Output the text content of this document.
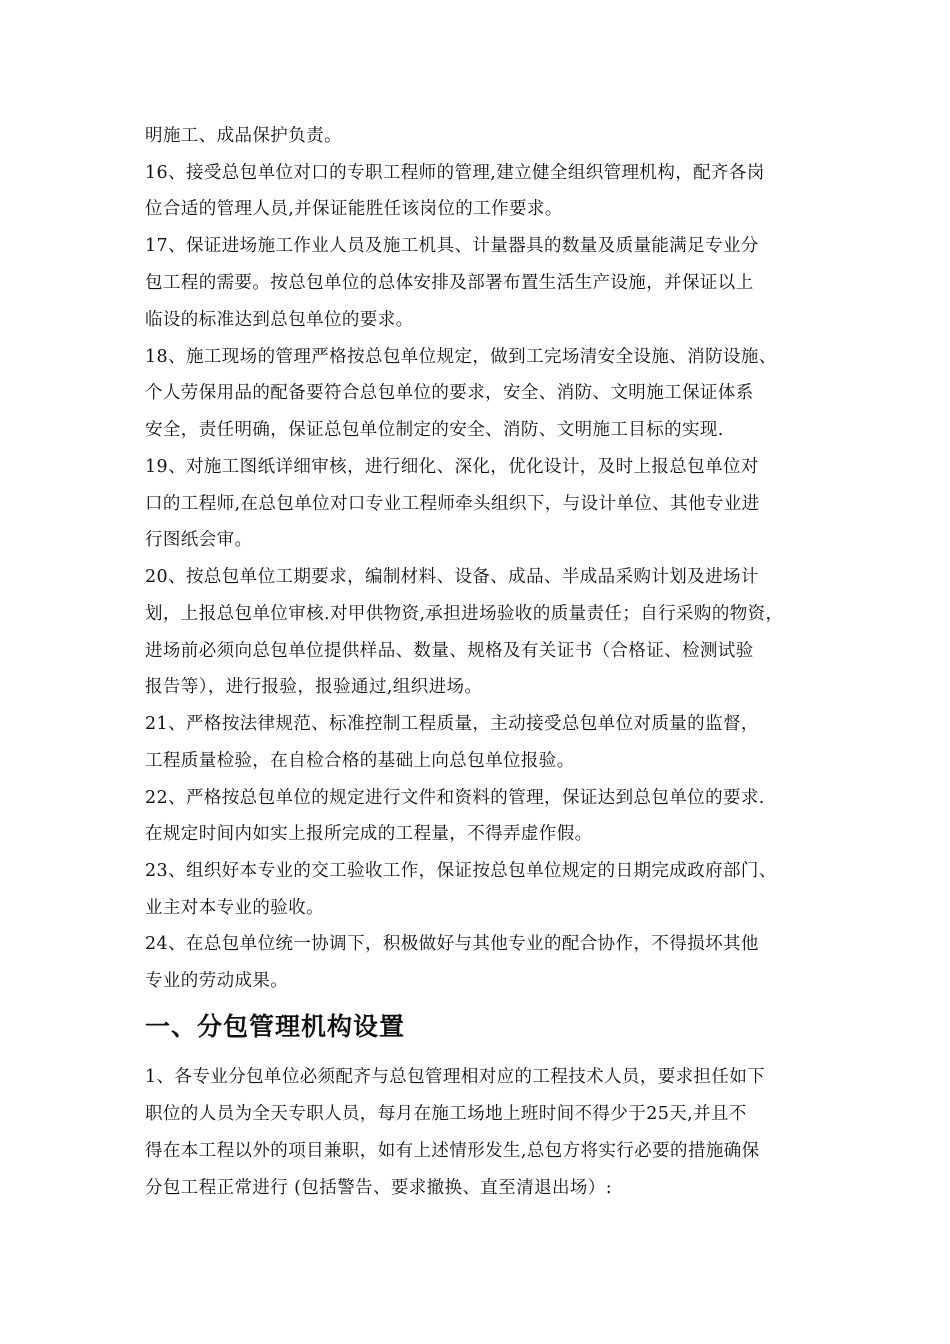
明施工、成品保护负责。
16、接受总包单位对口的专职工程师的管理,建立健全组织管理机构，配齐各岗
位合适的管理人员,并保证能胜任该岗位的工作要求。
17、保证进场施工作业人员及施工机具、计量器具的数量及质量能满足专业分
包工程的需要。按总包单位的总体安排及部署布置生活生产设施，并保证以上
临设的标准达到总包单位的要求。
18、施工现场的管理严格按总包单位规定，做到工完场清安全设施、消防设施、
个人劳保用品的配备要符合总包单位的要求，安全、消防、文明施工保证体系
安全，责任明确，保证总包单位制定的安全、消防、文明施工目标的实现.
19、对施工图纸详细审核，进行细化、深化，优化设计，及时上报总包单位对
口的工程师,在总包单位对口专业工程师牵头组织下，与设计单位、其他专业进
行图纸会审。
20、按总包单位工期要求，编制材料、设备、成品、半成品采购计划及进场计
划，上报总包单位审核.对甲供物资,承担进场验收的质量责任；自行采购的物资，
进场前必须向总包单位提供样品、数量、规格及有关证书（合格证、检测试验
报告等），进行报验，报验通过,组织进场。
21、严格按法律规范、标准控制工程质量，主动接受总包单位对质量的监督，
工程质量检验，在自检合格的基础上向总包单位报验。
22、严格按总包单位的规定进行文件和资料的管理，保证达到总包单位的要求.
在规定时间内如实上报所完成的工程量，不得弄虚作假。
23、组织好本专业的交工验收工作，保证按总包单位规定的日期完成政府部门、
业主对本专业的验收。
24、在总包单位统一协调下，积极做好与其他专业的配合协作，不得损坏其他
专业的劳动成果。
一、分包管理机构设置
1、各专业分包单位必须配齐与总包管理相对应的工程技术人员，要求担任如下
职位的人员为全天专职人员，每月在施工场地上班时间不得少于25天,并且不
得在本工程以外的项目兼职，如有上述情形发生,总包方将实行必要的措施确保
分包工程正常进行 (包括警告、要求撤换、直至清退出场）:
